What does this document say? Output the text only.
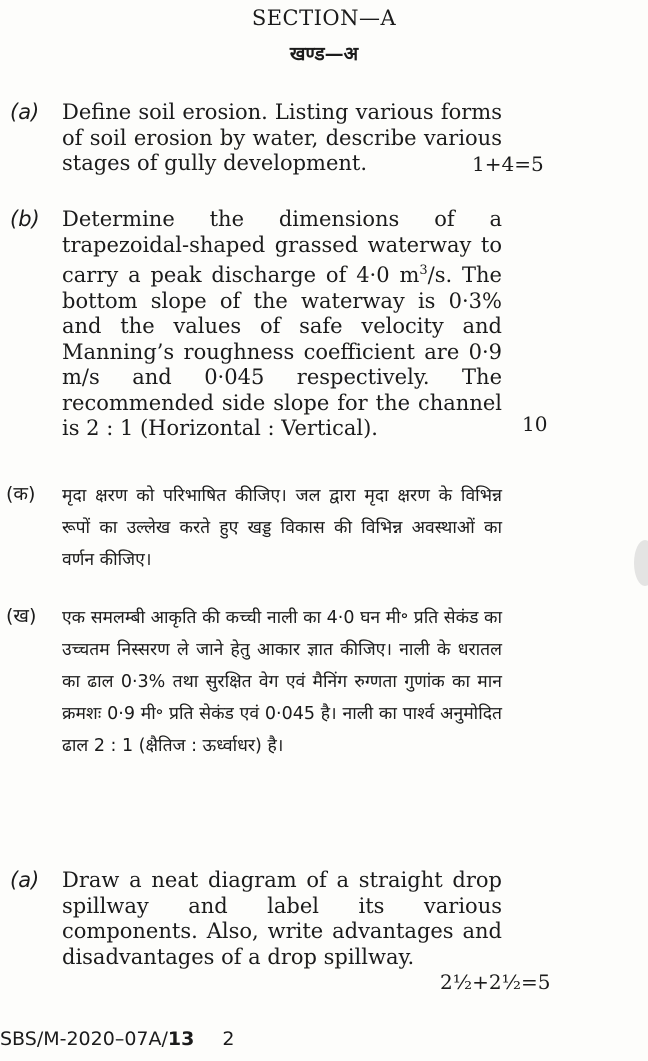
SECTION—A
खण्ड—अ
(a) Define soil erosion. Listing various forms of soil erosion by water, describe various stages of gully development.	1+4=5
(b) Determine the dimensions of a trapezoidal-shaped grassed waterway to carry a peak discharge of 4·0 $m^3/s$. The bottom slope of the waterway is 0·3% and the values of safe velocity and Manning’s roughness coefficient are 0·9 m/s and 0·045 respectively. The recommended side slope for the channel is 2 : 1 (Horizontal : Vertical).	10
(क) मृदा क्षरण को परिभाषित कीजिए। जल द्वारा मृदा क्षरण के विभिन्न रूपों का उल्लेख करते हुए खड्ड विकास की विभिन्न अवस्थाओं का वर्णन कीजिए।
(ख) एक समलम्बी आकृति की कच्ची नाली का 4·0 घन मी॰ प्रति सेकंड का उच्चतम निस्सरण ले जाने हेतु आकार ज्ञात कीजिए। नाली के धरातल का ढाल 0·3% तथा सुरक्षित वेग एवं मैनिंग रुग्णता गुणांक का मान क्रमशः 0·9 मी॰ प्रति सेकंड एवं 0·045 है। नाली का पार्श्व अनुमोदित ढाल 2 : 1 (क्षैतिज : ऊर्ध्वाधर) है।
(a) Draw a neat diagram of a straight drop spillway and label its various components. Also, write advantages and disadvantages of a drop spillway.
2½+2½=5
SBS/M-2020–07A/13 2
